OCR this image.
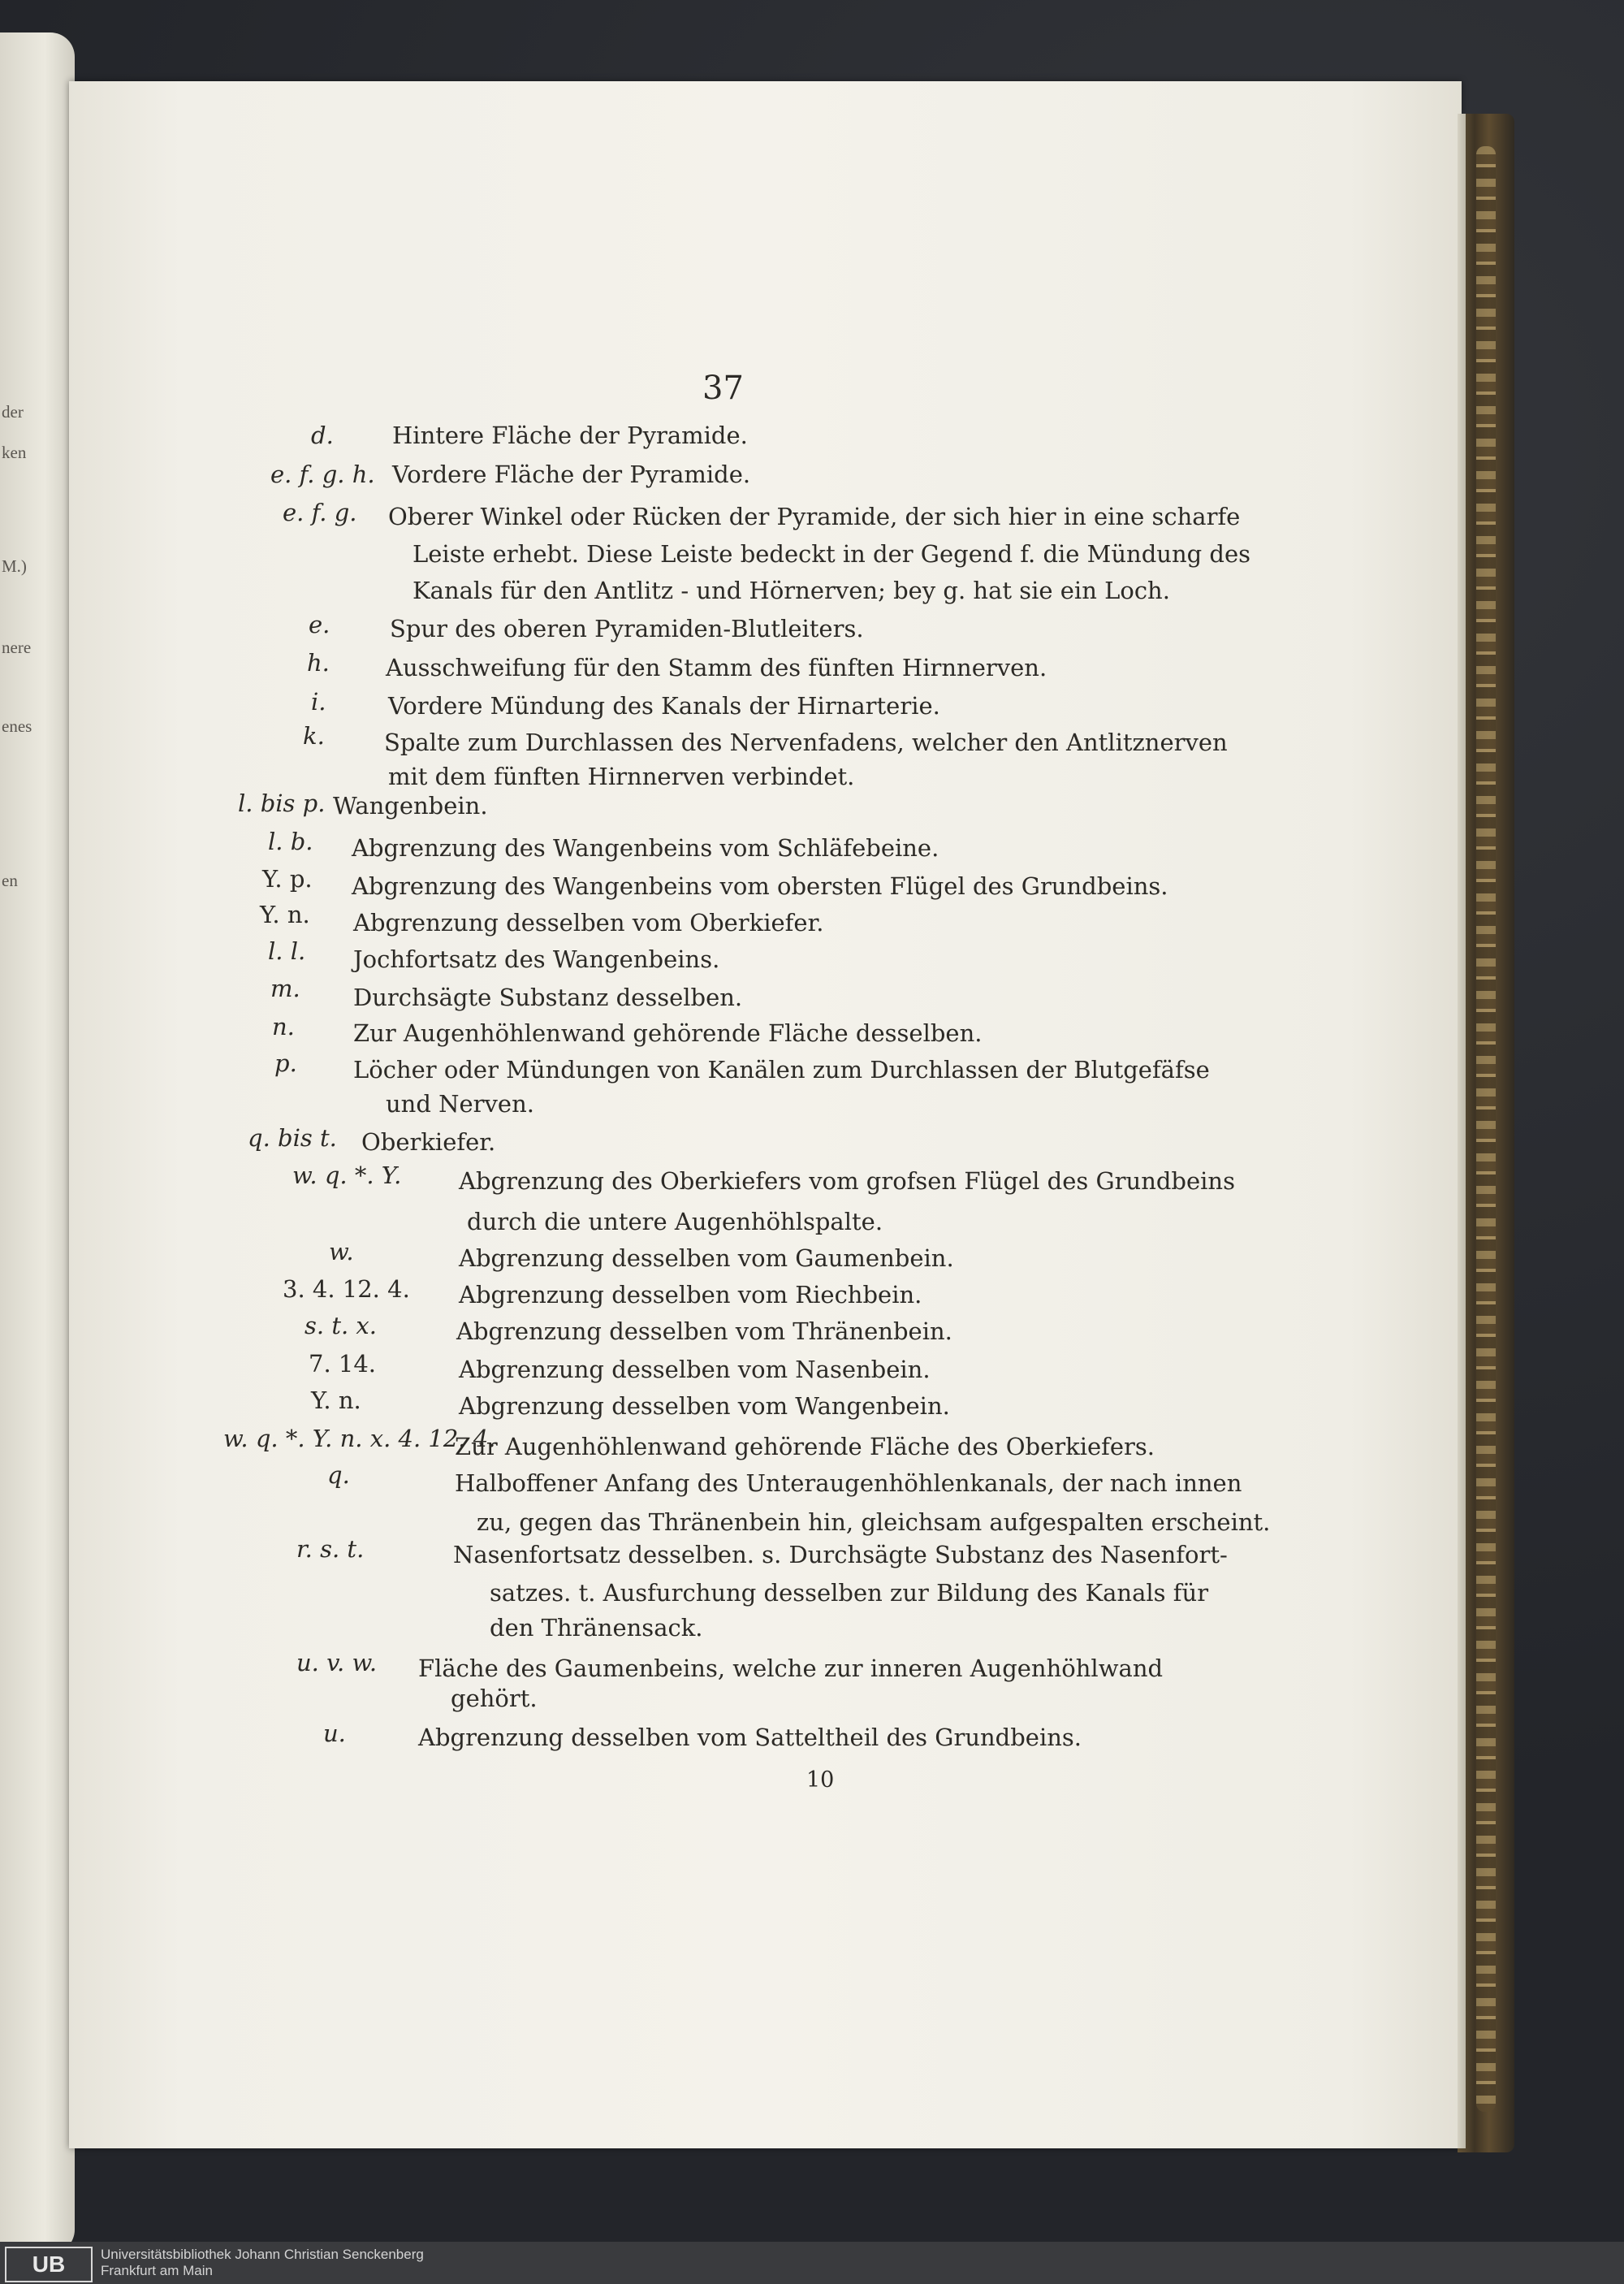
der
ken
M.)
nere
enes
en
37
d. Hintere Fläche der Pyramide.
e. f. g. h. Vordere Fläche der Pyramide.
e. f. g. Oberer Winkel oder Rücken der Pyramide, der sich hier in eine scharfe
Leiste erhebt. Diese Leiste bedeckt in der Gegend f. die Mündung des
Kanals für den Antlitz - und Hörnerven; bey g. hat sie ein Loch.
e.	Spur des oberen Pyramiden-Blutleiters.
h. Ausschweifung für den Stamm des fünften Hirnnerven.
i.	Vordere Mündung des Kanals der Hirnarterie.
k.	Spalte zum Durchlassen des Nervenfadens, welcher den Antlitznerven
mit dem fünften Hirnnerven verbindet.
l. bis p. Wangenbein.
l. b. Abgrenzung des Wangenbeins vom Schläfebeine.
Y. p. Abgrenzung des Wangenbeins vom obersten Flügel des Grundbeins.
Y. n. Abgrenzung desselben vom Oberkiefer.
l. l. Jochfortsatz des Wangenbeins.
m. Durchsägte Substanz desselben.
n. Zur Augenhöhlenwand gehörende Fläche desselben.
p. Löcher oder Mündungen von Kanälen zum Durchlassen der Blutgefäfse
und Nerven.
q. bis t. Oberkiefer.
w. q. *. Y. Abgrenzung des Oberkiefers vom grofsen Flügel des Grundbeins
durch die untere Augenhöhlspalte.
w.	Abgrenzung desselben vom Gaumenbein.
3. 4. 12. 4. Abgrenzung desselben vom Riechbein.
s. t. x.	Abgrenzung desselben vom Thränenbein.
7. 14.	Abgrenzung desselben vom Nasenbein.
Y. n.	Abgrenzung desselben vom Wangenbein.
w. q. *. Y. n. x. 4. 12. 4.
Zur Augenhöhlenwand gehörende Fläche des Oberkiefers.
q.	Halboffener Anfang des Unteraugenhöhlenkanals, der nach innen
zu, gegen das Thränenbein hin, gleichsam aufgespalten erscheint.
r. s. t.	Nasenfortsatz desselben. s. Durchsägte Substanz des Nasenfort-
satzes. t. Ausfurchung desselben zur Bildung des Kanals für
den Thränensack.
u. v. w. Fläche des Gaumenbeins, welche zur inneren Augenhöhlwand
gehört.
u.	Abgrenzung desselben vom Satteltheil des Grundbeins.
10
UB	Universitätsbibliothek Johann Christian Senckenberg
Frankfurt am Main
